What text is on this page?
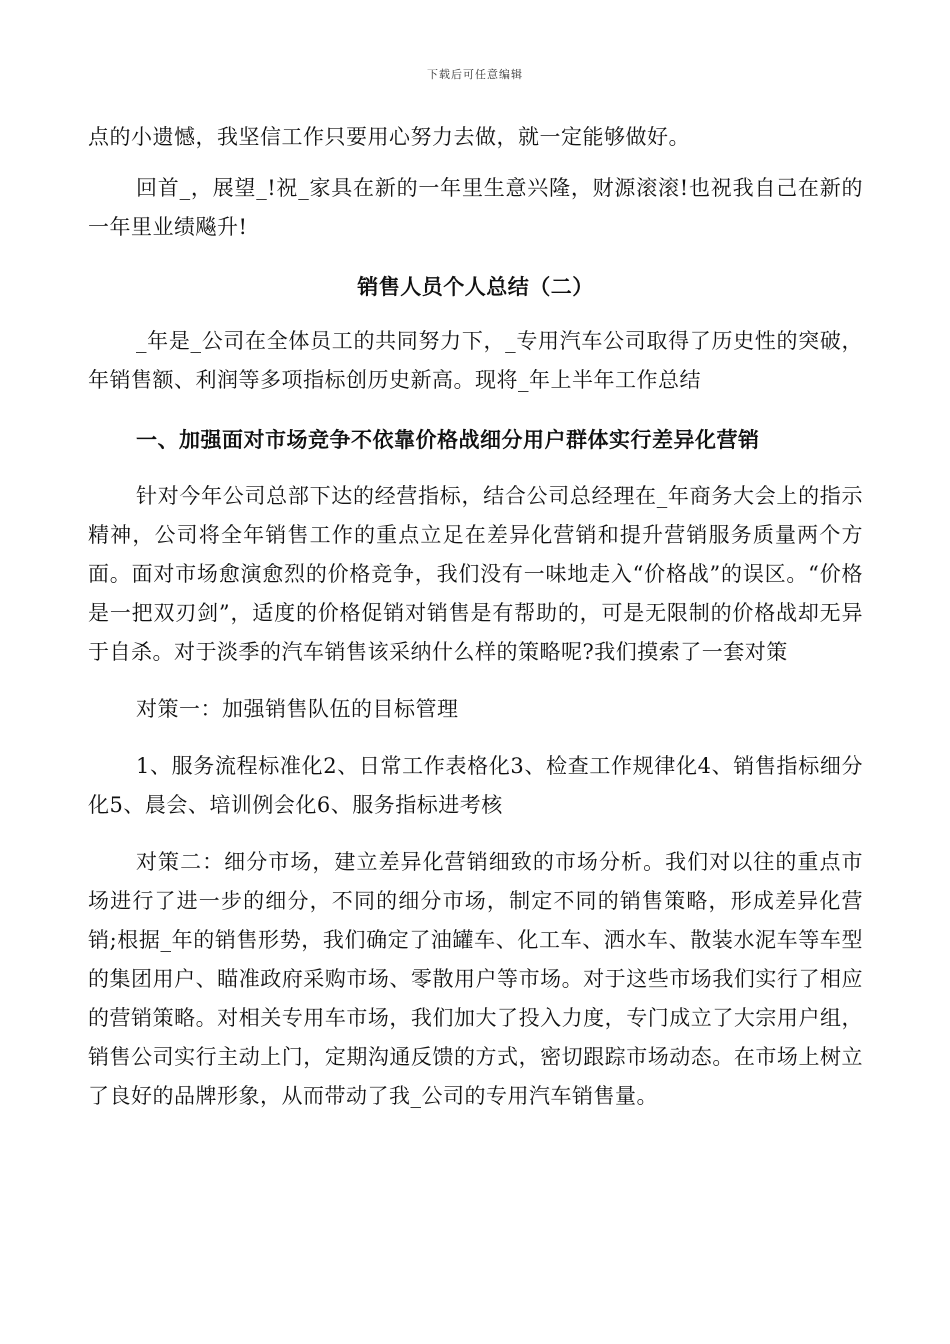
下载后可任意编辑

点的小遗憾，我坚信工作只要用心努力去做，就一定能够做好。

回首_，展望_!祝_家具在新的一年里生意兴隆，财源滚滚!也祝我自己在新的一年里业绩飚升!

销售人员个人总结（二）

_年是_公司在全体员工的共同努力下，_专用汽车公司取得了历史性的突破，年销售额、利润等多项指标创历史新高。现将_年上半年工作总结

一、加强面对市场竞争不依靠价格战细分用户群体实行差异化营销

针对今年公司总部下达的经营指标，结合公司总经理在_年商务大会上的指示精神，公司将全年销售工作的重点立足在差异化营销和提升营销服务质量两个方面。面对市场愈演愈烈的价格竞争，我们没有一味地走入“价格战”的误区。“价格是一把双刃剑”，适度的价格促销对销售是有帮助的，可是无限制的价格战却无异于自杀。对于淡季的汽车销售该采纳什么样的策略呢?我们摸索了一套对策

对策一：加强销售队伍的目标管理

1、服务流程标准化2、日常工作表格化3、检查工作规律化4、销售指标细分化5、晨会、培训例会化6、服务指标进考核

对策二：细分市场，建立差异化营销细致的市场分析。我们对以往的重点市场进行了进一步的细分，不同的细分市场，制定不同的销售策略，形成差异化营销;根据_年的销售形势，我们确定了油罐车、化工车、洒水车、散装水泥车等车型的集团用户、瞄准政府采购市场、零散用户等市场。对于这些市场我们实行了相应的营销策略。对相关专用车市场，我们加大了投入力度，专门成立了大宗用户组，销售公司实行主动上门，定期沟通反馈的方式，密切跟踪市场动态。在市场上树立了良好的品牌形象，从而带动了我_公司的专用汽车销售量。
